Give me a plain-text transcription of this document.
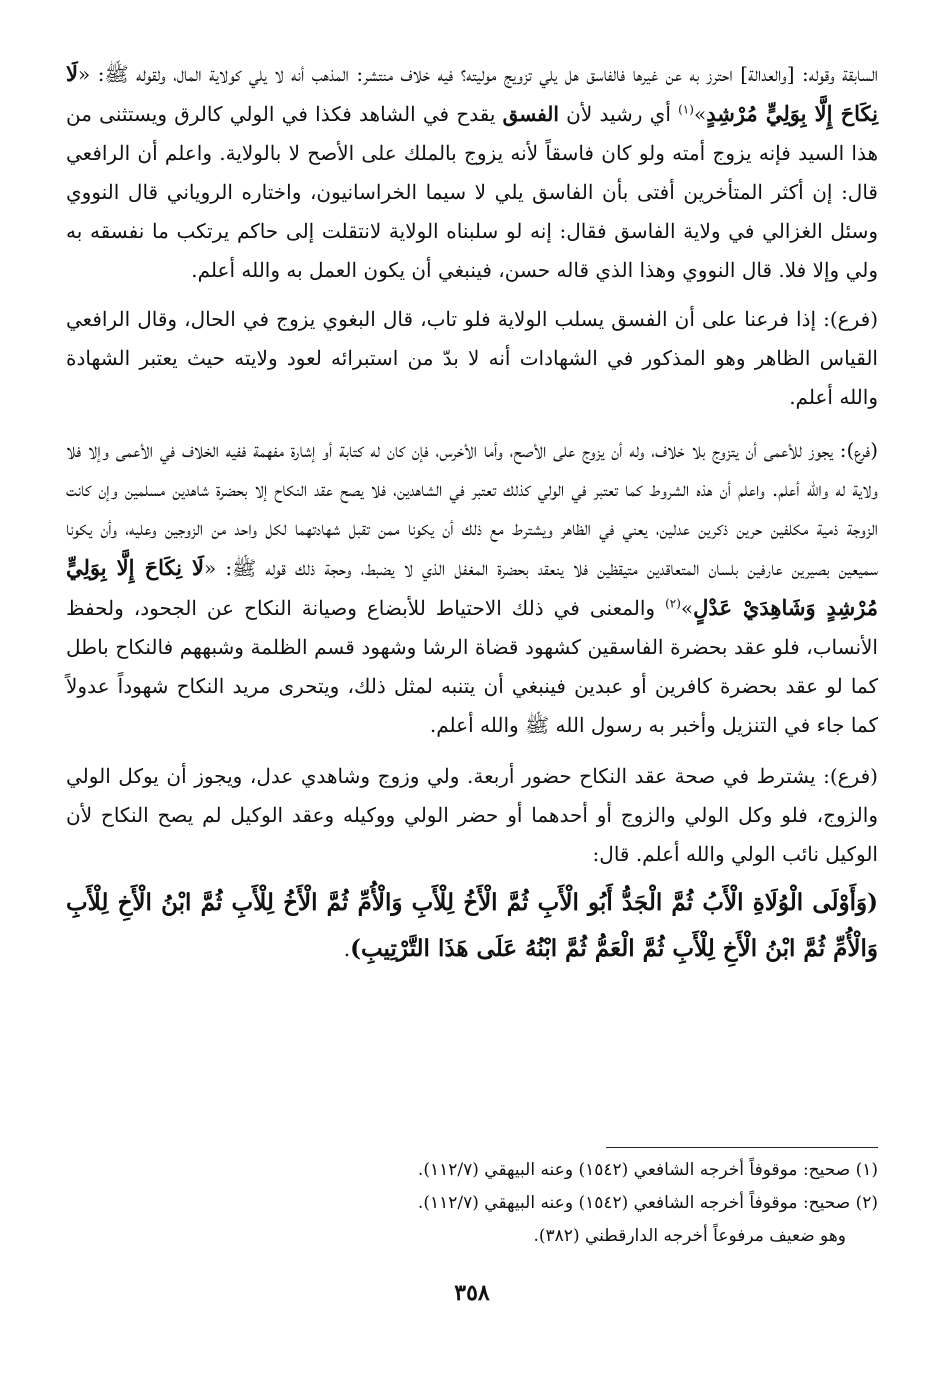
السابقة وقوله: [والعدالة] احترز به عن غيرها فالفاسق هل يلي تزويج موليته؟ فيه خلاف منتشر: المذهب أنه لا يلي كولاية المال، ولقوله ﷺ: «لَا نِكَاحَ إِلَّا بِوَلِيٍّ مُرْشِدٍ»$^{(١)}$ أي رشيد لأن الفسق يقدح في الشاهد فكذا في الولي كالرق ويستثنى من هذا السيد فإنه يزوج أمته ولو كان فاسقاً لأنه يزوج بالملك على الأصح لا بالولاية. واعلم أن الرافعي قال: إن أكثر المتأخرين أفتى بأن الفاسق يلي لا سيما الخراسانيون، واختاره الروياني قال النووي وسئل الغزالي في ولاية الفاسق فقال: إنه لو سلبناه الولاية لانتقلت إلى حاكم يرتكب ما نفسقه به ولي وإلا فلا. قال النووي وهذا الذي قاله حسن، فينبغي أن يكون العمل به والله أعلم.

(فرع): إذا فرعنا على أن الفسق يسلب الولاية فلو تاب، قال البغوي يزوج في الحال، وقال الرافعي القياس الظاهر وهو المذكور في الشهادات أنه لا بدّ من استبرائه لعود ولايته حيث يعتبر الشهادة والله أعلم.

(فرع): يجوز للأعمى أن يتزوج بلا خلاف، وله أن يزوج على الأصح، وأما الأخرس، فإن كان له كتابة أو إشارة مفهمة ففيه الخلاف في الأعمى وإلا فلا ولاية له والله أعلم. واعلم أن هذه الشروط كما تعتبر في الولي كذلك تعتبر في الشاهدين، فلا يصح عقد النكاح إلا بحضرة شاهدين مسلمين وإن كانت الزوجة ذمية مكلفين حرين ذكرين عدلين، يعني في الظاهر ويشترط مع ذلك أن يكونا ممن تقبل شهادتهما لكل واحد من الزوجين وعليه، وأن يكونا سميعين بصيرين عارفين بلسان المتعاقدين متيقظين فلا ينعقد بحضرة المغفل الذي لا يضبط، وحجة ذلك قوله ﷺ: «لَا نِكَاحَ إِلَّا بِوَلِيٍّ مُرْشِدٍ وَشَاهِدَيْ عَدْلٍ»$^{(٢)}$ والمعنى في ذلك الاحتياط للأبضاع وصيانة النكاح عن الجحود، ولحفظ الأنساب، فلو عقد بحضرة الفاسقين كشهود قضاة الرشا وشهود قسم الظلمة وشبههم فالنكاح باطل كما لو عقد بحضرة كافرين أو عبدين فينبغي أن يتنبه لمثل ذلك، ويتحرى مريد النكاح شهوداً عدولاً كما جاء في التنزيل وأخبر به رسول الله ﷺ والله أعلم.

(فرع): يشترط في صحة عقد النكاح حضور أربعة. ولي وزوج وشاهدي عدل، ويجوز أن يوكل الولي والزوج، فلو وكل الولي والزوج أو أحدهما أو حضر الولي ووكيله وعقد الوكيل لم يصح النكاح لأن الوكيل نائب الولي والله أعلم. قال:

(وَأَوْلَى الْوُلَاةِ الْأَبُ ثُمَّ الْجَدُّ أَبُو الْأَبِ ثُمَّ الْأَخُ لِلْأَبِ وَالْأُمِّ ثُمَّ الْأَخُ لِلْأَبِ ثُمَّ ابْنُ الْأَخِ لِلْأَبِ وَالْأُمِّ ثُمَّ ابْنُ الْأَخِ لِلْأَبِ ثُمَّ الْعَمُّ ثُمَّ ابْنُهُ عَلَى هَذَا التَّرْتِيبِ).

(١) صحيح: موقوفاً أخرجه الشافعي (١٥٤٢) وعنه البيهقي (١١٢/٧).

(٢) صحيح: موقوفاً أخرجه الشافعي (١٥٤٢) وعنه البيهقي (١١٢/٧).

وهو ضعيف مرفوعاً أخرجه الدارقطني (٣٨٢).

٣٥٨
